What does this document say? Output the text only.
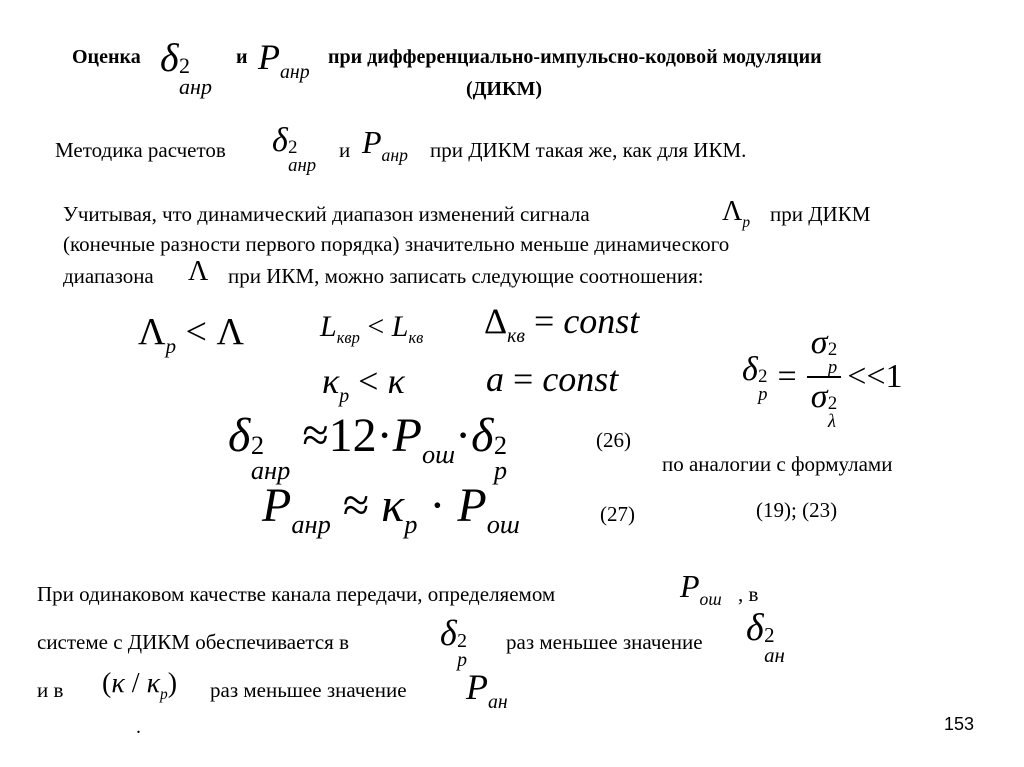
Оценка δ 2
анр
и $P_{анр}$
при дифференциально-импульсно-кодовой модуляции
(ДИКМ)
Методика расчетов δ 2
анр
и $P_{анр}$ при ДИКМ такая же, как для ИКМ.
Учитывая, что динамический диапазон изменений сигнала	$\Lambda_p$ при ДИКМ
(конечные разности первого порядка) значительно меньше динамического
диапазона Λ при ИКМ, можно записать следующие соотношения:
$\Lambda_p < \Lambda$	$L_{квр} < L_{кв}$ $\Delta_{кв}$ = const
$\kappa_p < \kappa$ a = const	δ 2
p = σ 2
p
σ 2
λ << 1
δ 2
анр
$\approx 12\cdot P_{ош}\cdot\delta$ 2
p
(26)
$P_{анр} \approx \kappa_p \cdot P_{ош}$	(27)
по аналогии с формулами
(19); (23)
При одинаковом качестве канала передачи, определяемом	$P_{ош}$ , в
системе с ДИКМ обеспечивается в	δ 2
p
раз меньшее значение δ 2
ан
и в $(\kappa / \kappa_p)$ раз меньшее значение $P_{ан}$
.	153
